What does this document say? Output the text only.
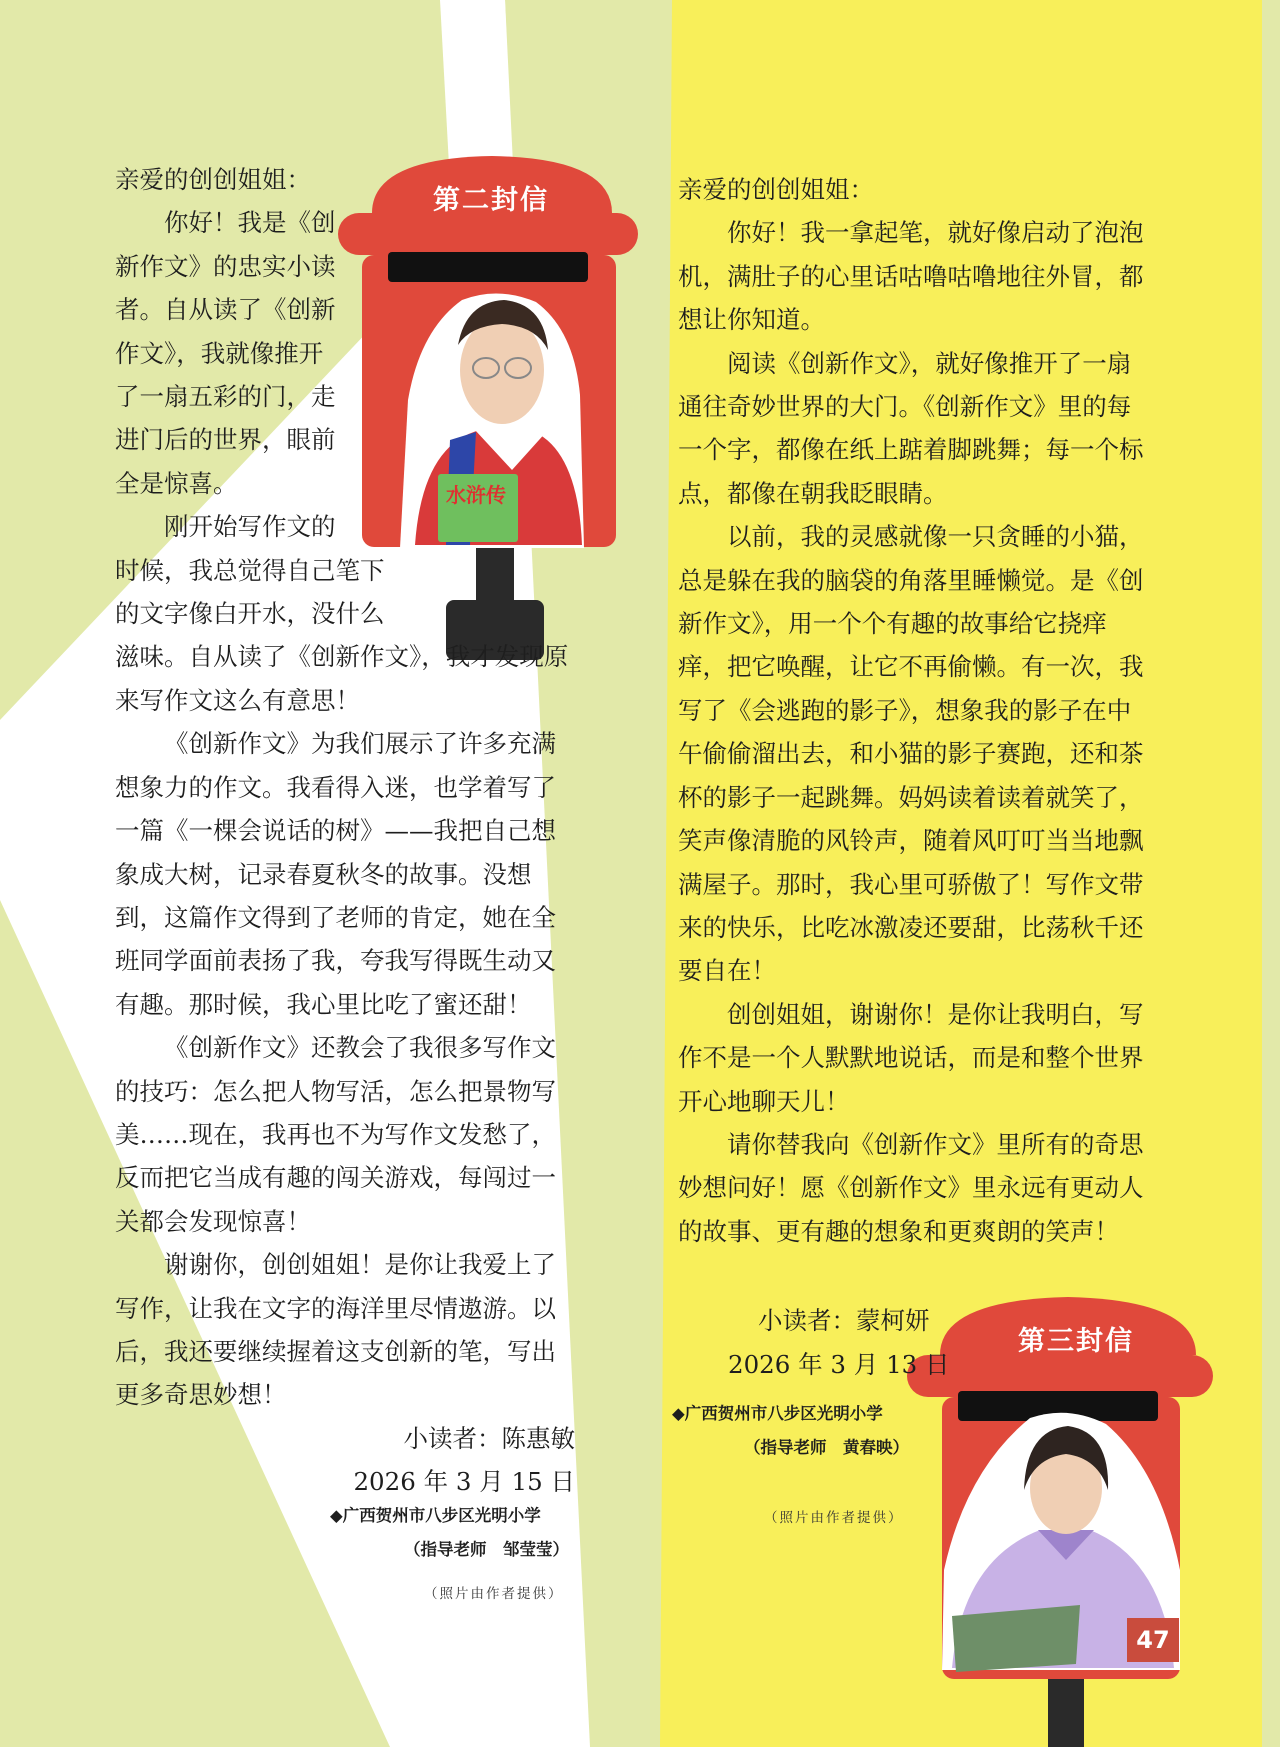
水浒传
第二封信
第三封信

亲爱的创创姐姐：

你好！我是《创新作文》的忠实小读者。自从读了《创新作文》，我就像推开了一扇五彩的门，走进门后的世界，眼前全是惊喜。

刚开始写作文的时候，我总觉得自己笔下的文字像白开水，没什么滋味。自从读了《创新作文》，我才发现原来写作文这么有意思！

《创新作文》为我们展示了许多充满想象力的作文。我看得入迷，也学着写了一篇《一棵会说话的树》——我把自己想象成大树，记录春夏秋冬的故事。没想到，这篇作文得到了老师的肯定，她在全班同学面前表扬了我，夸我写得既生动又有趣。那时候，我心里比吃了蜜还甜！

《创新作文》还教会了我很多写作文的技巧：怎么把人物写活，怎么把景物写美……现在，我再也不为写作文发愁了，反而把它当成有趣的闯关游戏，每闯过一关都会发现惊喜！

谢谢你，创创姐姐！是你让我爱上了写作，让我在文字的海洋里尽情遨游。以后，我还要继续握着这支创新的笔，写出更多奇思妙想！

小读者：陈惠敏

2026 年 3 月 15 日

亲爱的创创姐姐：

你好！我一拿起笔，就好像启动了泡泡机，满肚子的心里话咕噜咕噜地往外冒，都想让你知道。

阅读《创新作文》，就好像推开了一扇通往奇妙世界的大门。《创新作文》里的每一个字，都像在纸上踮着脚跳舞；每一个标点，都像在朝我眨眼睛。

以前，我的灵感就像一只贪睡的小猫，总是躲在我的脑袋的角落里睡懒觉。是《创新作文》，用一个个有趣的故事给它挠痒痒，把它唤醒，让它不再偷懒。有一次，我写了《会逃跑的影子》，想象我的影子在中午偷偷溜出去，和小猫的影子赛跑，还和茶杯的影子一起跳舞。妈妈读着读着就笑了，笑声像清脆的风铃声，随着风叮叮当当地飘满屋子。那时，我心里可骄傲了！写作文带来的快乐，比吃冰激凌还要甜，比荡秋千还要自在！

创创姐姐，谢谢你！是你让我明白，写作不是一个人默默地说话，而是和整个世界开心地聊天儿！

请你替我向《创新作文》里所有的奇思妙想问好！愿《创新作文》里永远有更动人的故事、更有趣的想象和更爽朗的笑声！

小读者：蒙柯妍
2026 年 3 月 13 日
◆广西贺州市八步区光明小学
（指导老师　邹莹莹）
（照片由作者提供）
◆广西贺州市八步区光明小学
（指导老师　黄春映）
（照片由作者提供）
47
